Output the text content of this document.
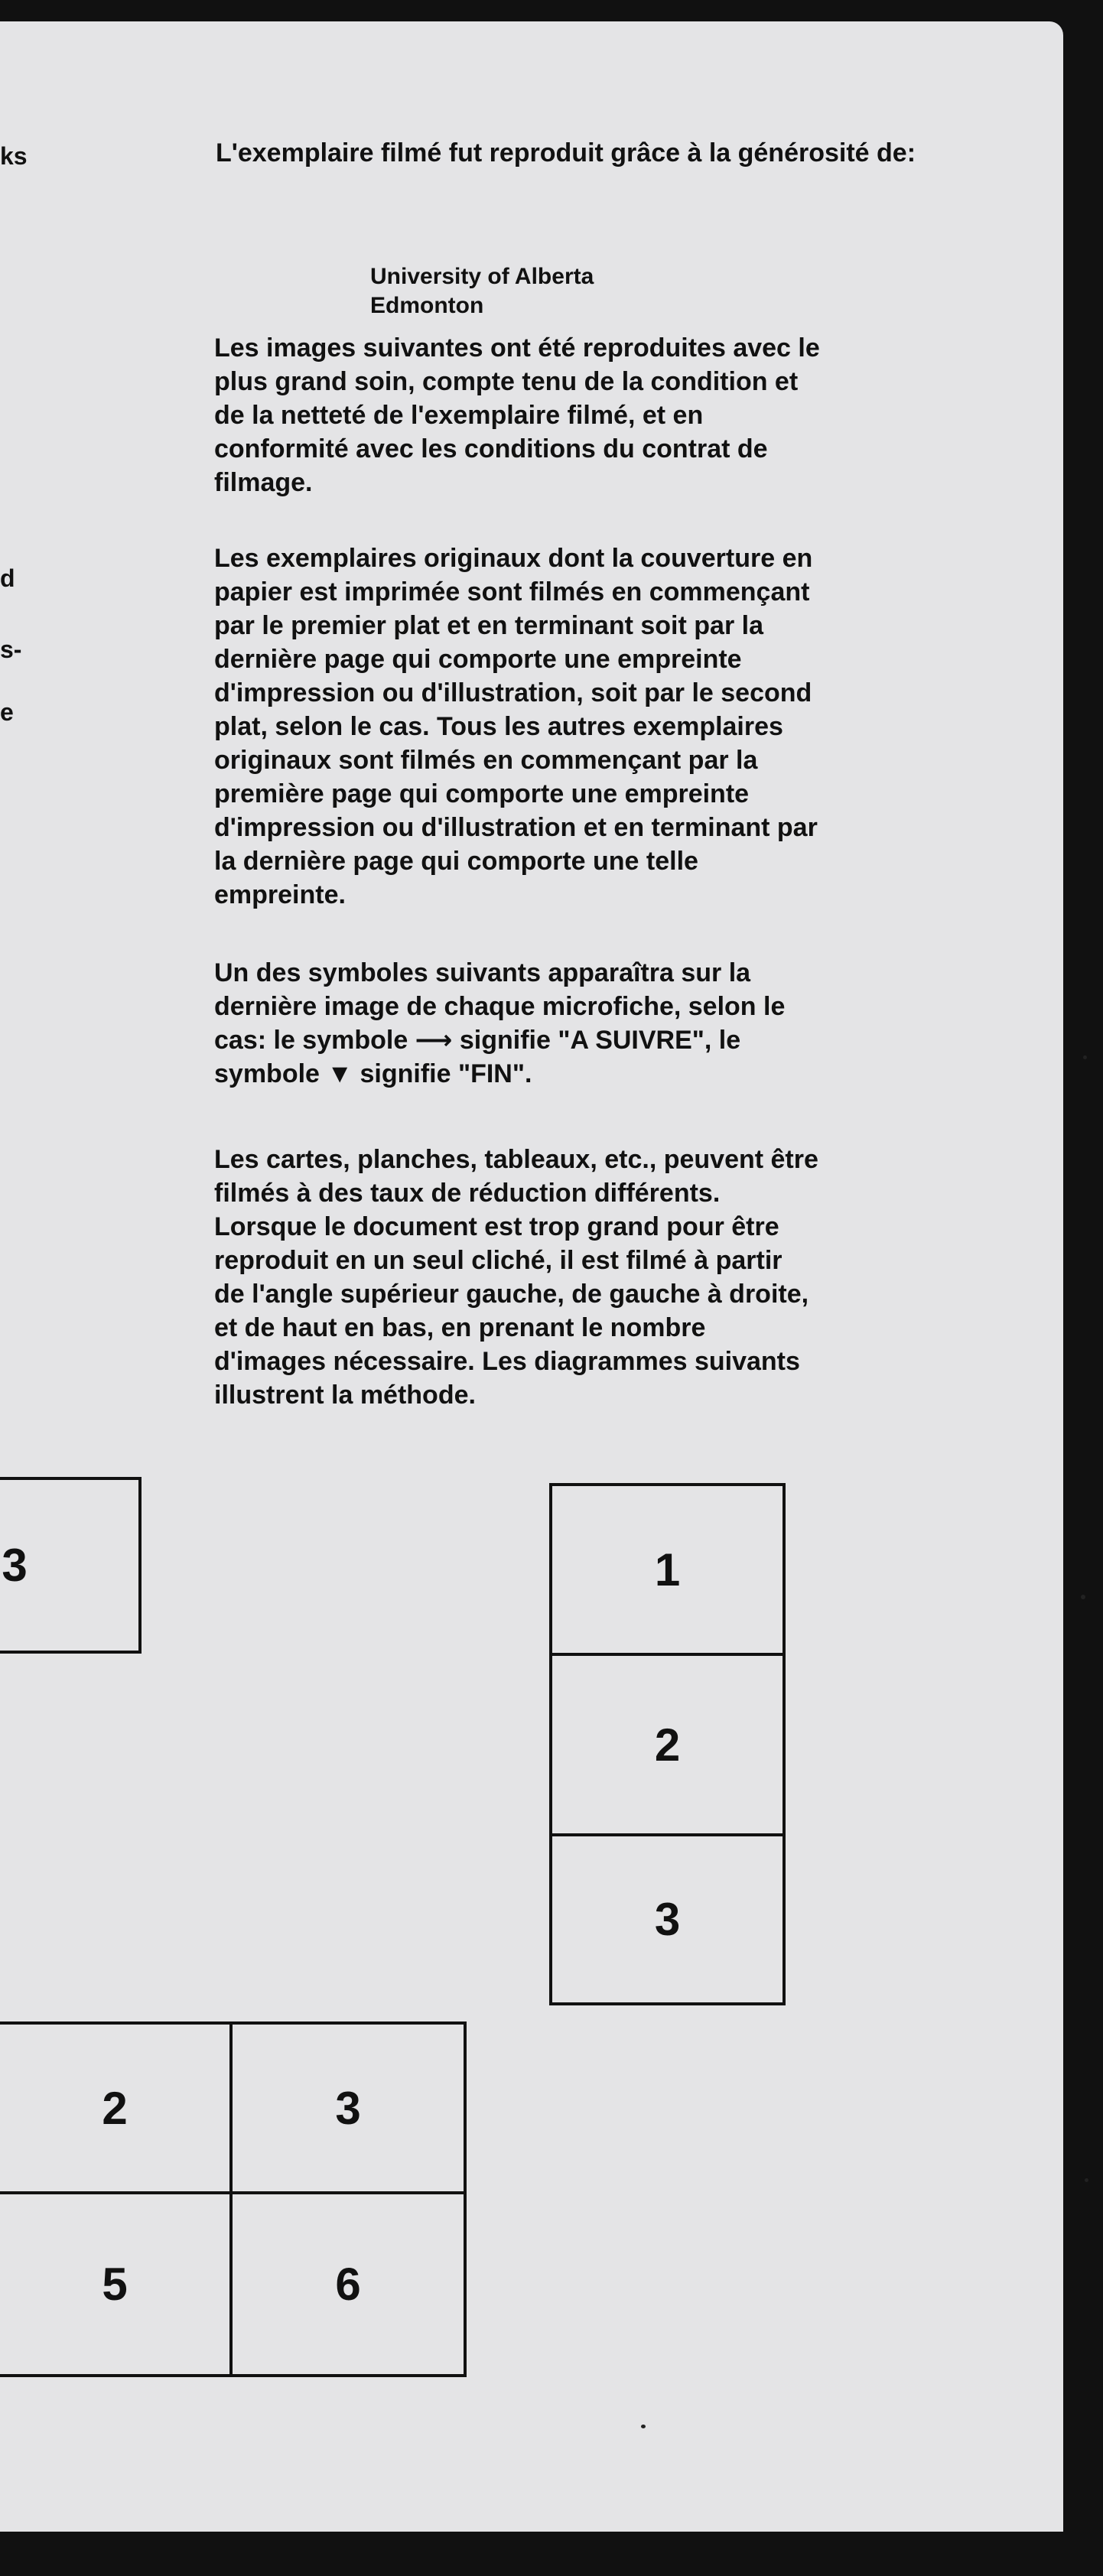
ks
d
s-
e
L'exemplaire filmé fut reproduit grâce à la générosité de:
University of Alberta
Edmonton
Les images suivantes ont été reproduites avec le
plus grand soin, compte tenu de la condition et
de la netteté de l'exemplaire filmé, et en
conformité avec les conditions du contrat de
filmage.
Les exemplaires originaux dont la couverture en
papier est imprimée sont filmés en commençant
par le premier plat et en terminant soit par la
dernière page qui comporte une empreinte
d'impression ou d'illustration, soit par le second
plat, selon le cas. Tous les autres exemplaires
originaux sont filmés en commençant par la
première page qui comporte une empreinte
d'impression ou d'illustration et en terminant par
la dernière page qui comporte une telle
empreinte.
Un des symboles suivants apparaîtra sur la
dernière image de chaque microfiche, selon le
cas: le symbole ⟶ signifie "A SUIVRE", le
symbole ▼ signifie "FIN".
Les cartes, planches, tableaux, etc., peuvent être
filmés à des taux de réduction différents.
Lorsque le document est trop grand pour être
reproduit en un seul cliché, il est filmé à partir
de l'angle supérieur gauche, de gauche à droite,
et de haut en bas, en prenant le nombre
d'images nécessaire. Les diagrammes suivants
illustrent la méthode.
3	1
2
3
2	3
5	6
